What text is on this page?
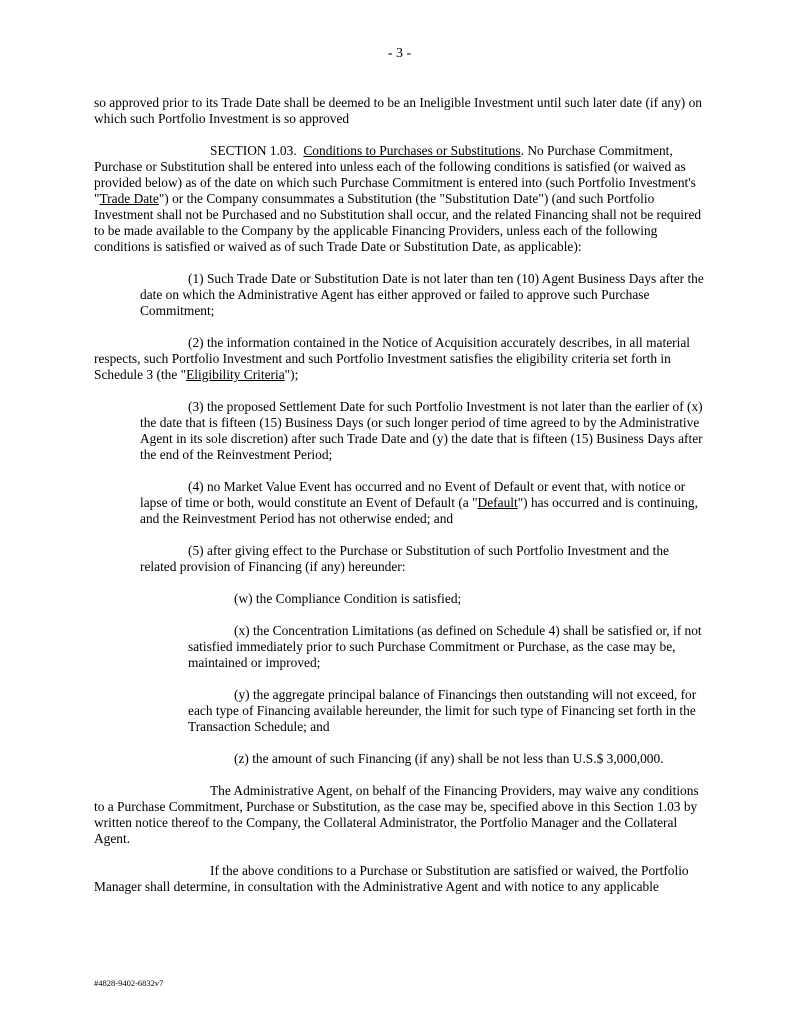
- 3 -

so approved prior to its Trade Date shall be deemed to be an Ineligible Investment until such later date (if any) on which such Portfolio Investment is so approved

SECTION 1.03. Conditions to Purchases or Substitutions. No Purchase Commitment, Purchase or Substitution shall be entered into unless each of the following conditions is satisfied (or waived as provided below) as of the date on which such Purchase Commitment is entered into (such Portfolio Investment's "Trade Date") or the Company consummates a Substitution (the "Substitution Date") (and such Portfolio Investment shall not be Purchased and no Substitution shall occur, and the related Financing shall not be required to be made available to the Company by the applicable Financing Providers, unless each of the following conditions is satisfied or waived as of such Trade Date or Substitution Date, as applicable):

(1) Such Trade Date or Substitution Date is not later than ten (10) Agent Business Days after the date on which the Administrative Agent has either approved or failed to approve such Purchase Commitment;

(2) the information contained in the Notice of Acquisition accurately describes, in all material respects, such Portfolio Investment and such Portfolio Investment satisfies the eligibility criteria set forth in Schedule 3 (the "Eligibility Criteria");

(3) the proposed Settlement Date for such Portfolio Investment is not later than the earlier of (x) the date that is fifteen (15) Business Days (or such longer period of time agreed to by the Administrative Agent in its sole discretion) after such Trade Date and (y) the date that is fifteen (15) Business Days after the end of the Reinvestment Period;

(4) no Market Value Event has occurred and no Event of Default or event that, with notice or lapse of time or both, would constitute an Event of Default (a "Default") has occurred and is continuing, and the Reinvestment Period has not otherwise ended; and

(5) after giving effect to the Purchase or Substitution of such Portfolio Investment and the related provision of Financing (if any) hereunder:

(w) the Compliance Condition is satisfied;

(x) the Concentration Limitations (as defined on Schedule 4) shall be satisfied or, if not satisfied immediately prior to such Purchase Commitment or Purchase, as the case may be, maintained or improved;

(y) the aggregate principal balance of Financings then outstanding will not exceed, for each type of Financing available hereunder, the limit for such type of Financing set forth in the Transaction Schedule; and

(z) the amount of such Financing (if any) shall be not less than U.S.$ 3,000,000.

The Administrative Agent, on behalf of the Financing Providers, may waive any conditions to a Purchase Commitment, Purchase or Substitution, as the case may be, specified above in this Section 1.03 by written notice thereof to the Company, the Collateral Administrator, the Portfolio Manager and the Collateral Agent.

If the above conditions to a Purchase or Substitution are satisfied or waived, the Portfolio Manager shall determine, in consultation with the Administrative Agent and with notice to any applicable

#4828-9402-6832v7
